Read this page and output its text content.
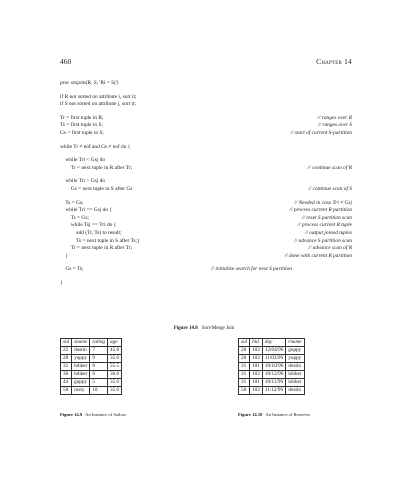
460	Chapter 14
proc smjoin(R, S, 'Ri = Sj')
if R not sorted on attribute i, sort it;
if S not sorted on attribute j, sort it;
Tr = first tuple in R;	// ranges over R
Ts = first tuple in S;	// ranges over S
Gs = first tuple in S;	// start of current S-partition
while Tr ≠ eof and Gs ≠ eof do {
while Tri < Gsj do
Tr = next tuple in R after Tr;	// continue scan of R
while Tri > Gsj do
Gs = next tuple in S after Gs	// continue scan of S
Ts = Gs;	// Needed in case Tri ≠ Gsj
while Tri == Gsj do {	// process current R partition
Ts = Gs;	// reset S partition scan
while Tsj == Tri do {	// process current R tuple
add (Tr, Ts) to result;	// output joined tuples
Ts = next tuple in S after Ts;}	// advance S partition scan
Tr = next tuple in R after Tr;	// advance scan of R
}	// done with current R partition
Gs = Ts;	// initialize search for next S partition
}
Figure 14.8 Sort-Merge Join
sid	sname	rating	age
22	dustin	7	45.0
28	yuppy	9	35.0
31	lubber	8	55.5
36	lubber	6	36.0
44	guppy	5	35.0
58	rusty	10	35.0
Figure 14.9 An Instance of Sailors
sid	bid	day	rname
28	103	12/04/96	guppy
28	103	11/03/96	yuppy
31	101	10/10/96	dustin
31	102	10/12/96	lubber
31	101	10/11/96	lubber
58	103	11/12/96	dustin
Figure 14.10 An Instance of Reserves
